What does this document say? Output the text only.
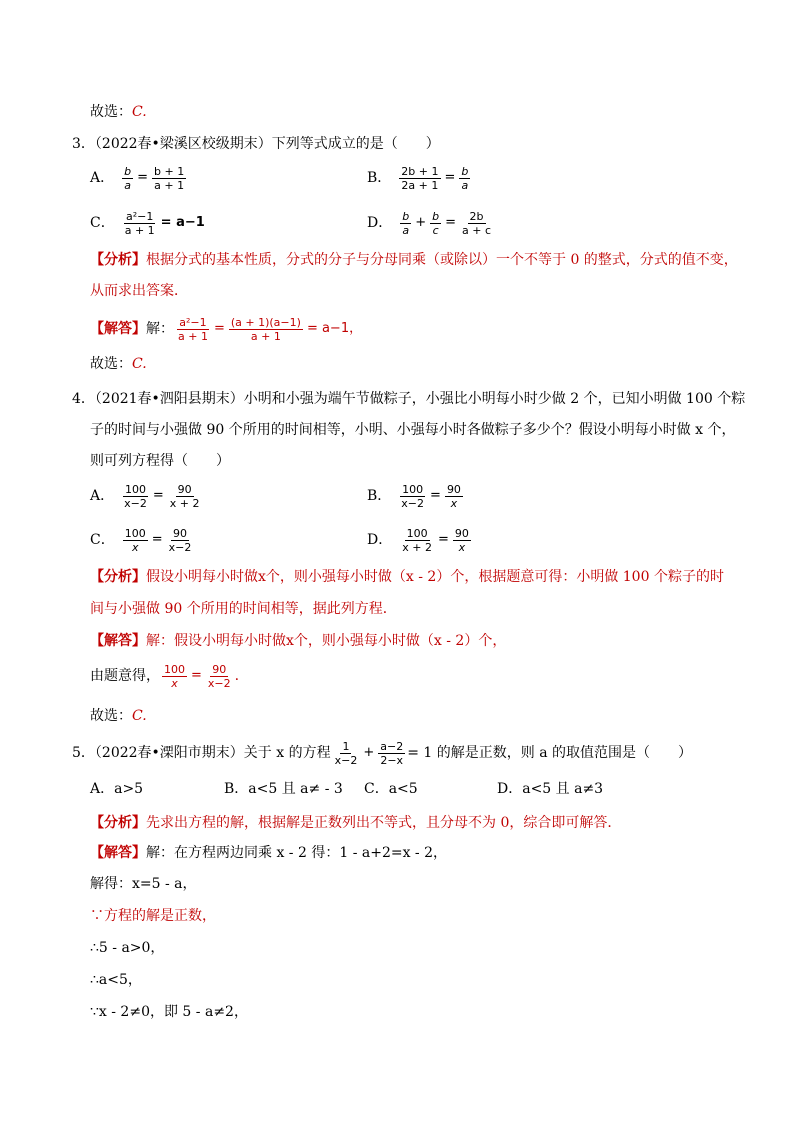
故选：C.
3．（2022春•梁溪区校级期末）下列等式成立的是（　　）
A． $\frac{b}{a} = \frac{b + 1}{a + 1}$	B． $\frac{2b + 1}{2a + 1} = \frac{b}{a}$
C． $\frac{\text{a²−1}}{a + 1} = a-1$	D． $\frac{b}{a} + \frac{b}{c} = \frac{2b}{a + c}$
【分析】根据分式的基本性质，分式的分子与分母同乘（或除以）一个不等于 0 的整式，分式的值不变，
从而求出答案．
【解答】 解： $\frac{\text{a²−1}}{a + 1} = \frac{(a + 1)(a-1)}{a + 1} = a-1$，
故选：C.
4．（2021春•泗阳县期末）小明和小强为端午节做粽子，小强比小明每小时少做 2 个，已知小明做 100 个粽
子的时间与小强做 90 个所用的时间相等，小明、小强每小时各做粽子多少个？假设小明每小时做 x 个，
则可列方程得（　　）
A． $\frac{100}{x-2} = \frac{90}{x + 2}$	B． $\frac{100}{x-2} = \frac{90}{x}$
C． $\frac{100}{x} = \frac{90}{x-2}$	D． $\frac{100}{x + 2} = \frac{90}{x}$
【分析】假设小明每小时做x个，则小强每小时做（x - 2）个，根据题意可得：小明做 100 个粽子的时
间与小强做 90 个所用的时间相等，据此列方程．
【解答】解：假设小明每小时做x个，则小强每小时做（x - 2）个，
由题意得， $\frac{100}{x} = \frac{90}{x-2}$ .
故选：C.
5．（2022春•溧阳市期末）关于 x 的方程 $\frac{1}{x-2} + \frac{a-2}{2-x} = 1$ 的解是正数，则 a 的取值范围是（　　）
A．a>5	B．a<5 且 a≠ - 3 C．a<5	D．a<5 且 a≠3
【分析】先求出方程的解，根据解是正数列出不等式，且分母不为 0，综合即可解答．
【解答】解：在方程两边同乘 x - 2 得：1 - a+2=x - 2，
解得：x=5 - a，
∵方程的解是正数，
∴5 - a>0，
∴a<5，
∵x - 2≠0，即 5 - a≠2，
